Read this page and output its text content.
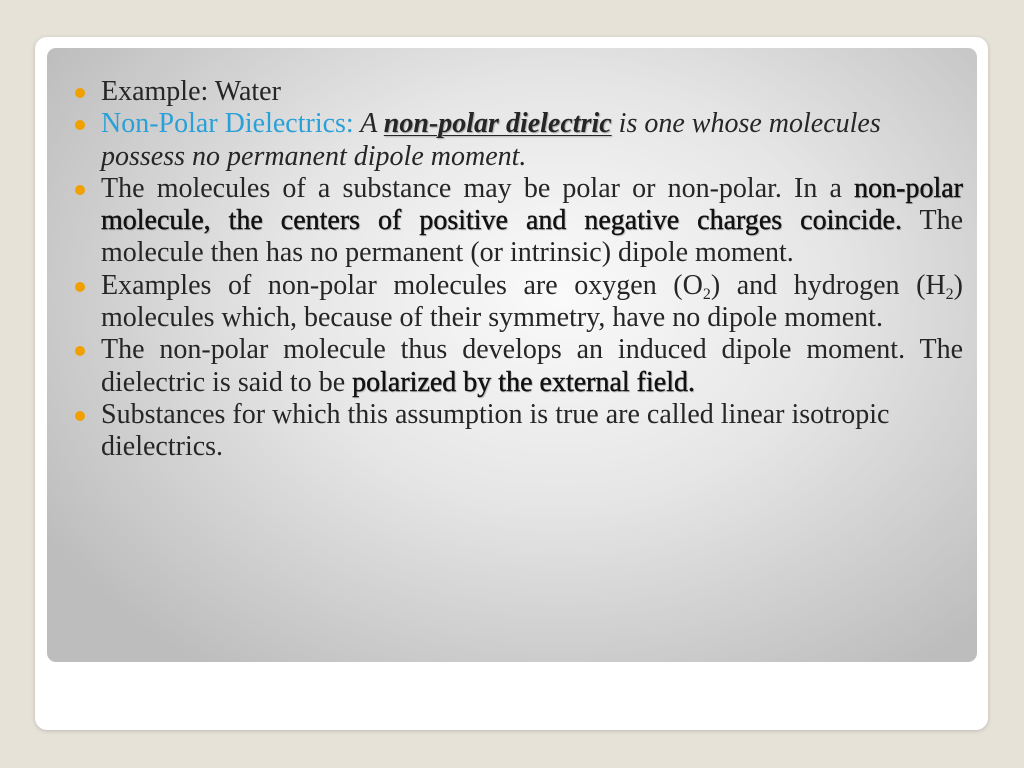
Example: Water
Non-Polar Dielectrics: A non-polar dielectric is one whose molecules possess no permanent dipole moment.
The molecules of a substance may be polar or non-polar. In a non-polar molecule, the centers of positive and negative charges coincide. The molecule then has no permanent (or intrinsic) dipole moment.
Examples of non-polar molecules are oxygen $(O_2)$ and hydrogen $(H_2)$ molecules which, because of their symmetry, have no dipole moment.
The non-polar molecule thus develops an induced dipole moment. The dielectric is said to be polarized by the external field.
Substances for which this assumption is true are called linear isotropic dielectrics.
